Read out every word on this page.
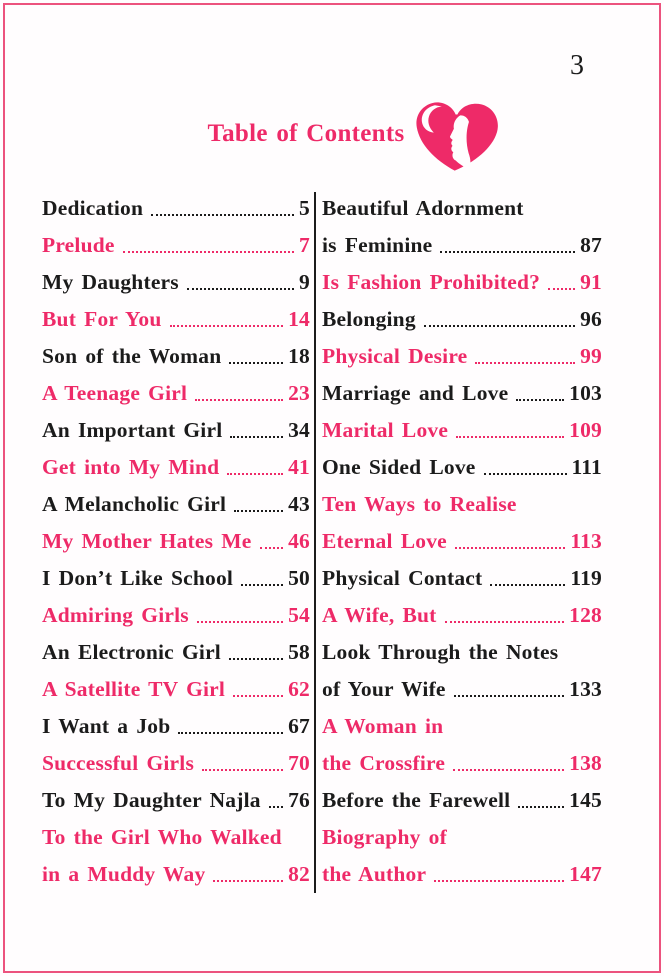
3
Table of Contents
Dedication	5
Prelude	7
My Daughters	9
But For You	14
Son of the Woman	18
A Teenage Girl	23
An Important Girl	34
Get into My Mind	41
A Melancholic Girl	43
My Mother Hates Me 46
I Don’t Like School	50
Admiring Girls	54
An Electronic Girl	58
A Satellite TV Girl	62
I Want a Job	67
Successful Girls	70
To My Daughter Najla 76
To the Girl Who Walked
in a Muddy Way	82
Beautiful Adornment
is Feminine	87
Is Fashion Prohibited? 91
Belonging	96
Physical Desire	99
Marriage and Love	103
Marital Love	109
One Sided Love	111
Ten Ways to Realise
Eternal Love	113
Physical Contact	119
A Wife, But	128
Look Through the Notes
of Your Wife	133
A Woman in
the Crossfire	138
Before the Farewell	145
Biography of
the Author	147
